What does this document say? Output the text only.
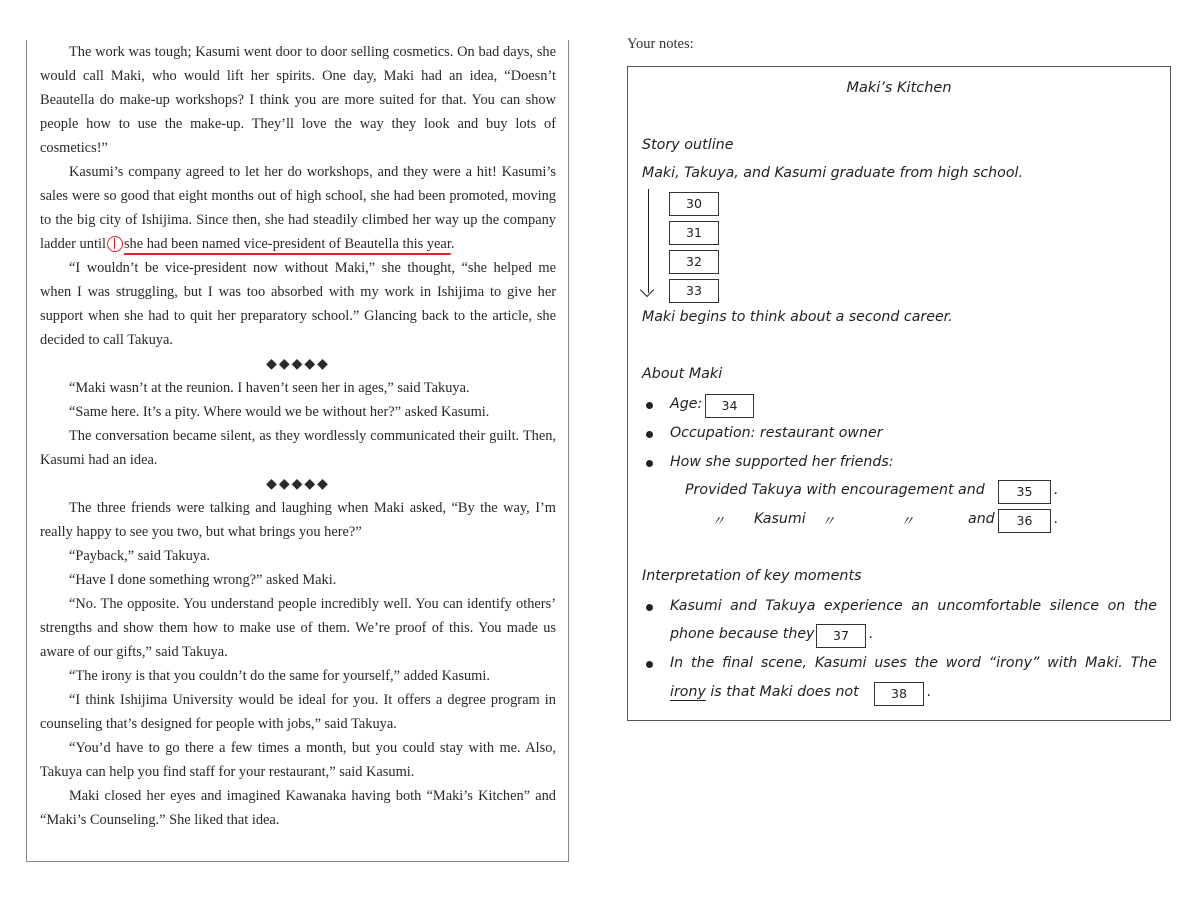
The work was tough; Kasumi went door to door selling cosmetics. On bad days, she would call Maki, who would lift her spirits. One day, Maki had an idea, “Doesn’t Beautella do make-up workshops? I think you are more suited for that. You can show people how to use the make-up. They’ll love the way they look and buy lots of cosmetics!”

Kasumi’s company agreed to let her do workshops, and they were a hit! Kasumi’s sales were so good that eight months out of high school, she had been promoted, moving to the big city of Ishijima. Since then, she had steadily climbed her way up the company ladder until she had been named vice-president of Beautella this year.

“I wouldn’t be vice-president now without Maki,” she thought, “she helped me when I was struggling, but I was too absorbed with my work in Ishijima to give her support when she had to quit her preparatory school.” Glancing back to the article, she decided to call Takuya.

◆◆◆◆◆

“Maki wasn’t at the reunion. I haven’t seen her in ages,” said Takuya.

“Same here. It’s a pity. Where would we be without her?” asked Kasumi.

The conversation became silent, as they wordlessly communicated their guilt. Then, Kasumi had an idea.

◆◆◆◆◆

The three friends were talking and laughing when Maki asked, “By the way, I’m really happy to see you two, but what brings you here?”

“Payback,” said Takuya.

“Have I done something wrong?” asked Maki.

“No. The opposite. You understand people incredibly well. You can identify others’ strengths and show them how to make use of them. We’re proof of this. You made us aware of our gifts,” said Takuya.

“The irony is that you couldn’t do the same for yourself,” added Kasumi.

“I think Ishijima University would be ideal for you. It offers a degree program in counseling that’s designed for people with jobs,” said Takuya.

“You’d have to go there a few times a month, but you could stay with me. Also, Takuya can help you find staff for your restaurant,” said Kasumi.

Maki closed her eyes and imagined Kawanaka having both “Maki’s Kitchen” and “Maki’s Counseling.” She liked that idea.

Your notes:
Maki’s Kitchen
Story outline
Maki, Takuya, and Kasumi graduate from high school.
30
31
32
33
Maki begins to think about a second career.
About Maki
Age:	34
Occupation: restaurant owner
How she supported her friends:
Provided Takuya with encouragement and	35	.
〃 Kasumi 〃	〃	and	36	.
Interpretation of key moments
Kasumi and Takuya experience an uncomfortable silence on the
phone because they	37	.
In the final scene, Kasumi uses the word “irony” with Maki. The
irony is that Maki does not	38	.
